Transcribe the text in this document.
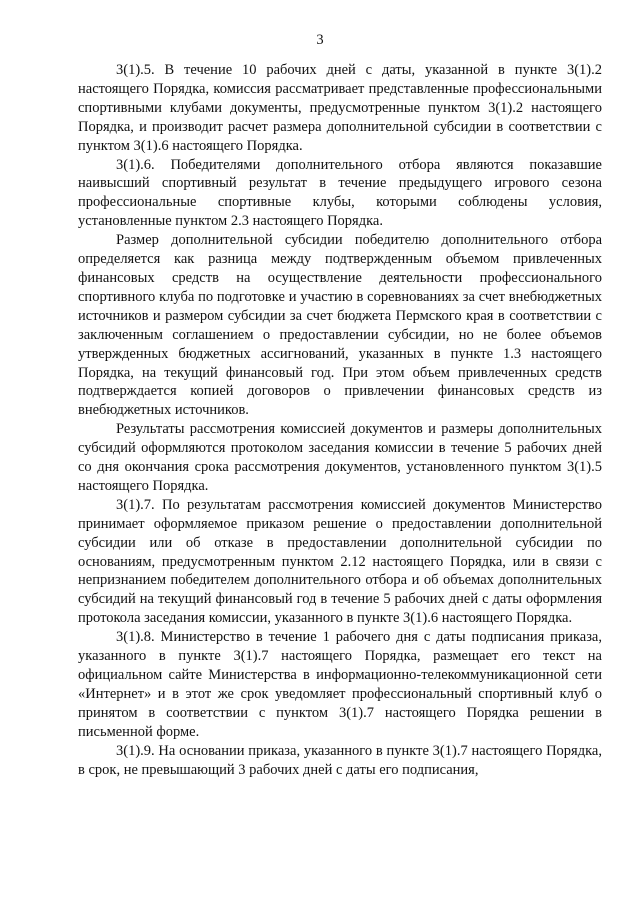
3

3(1).5. В течение 10 рабочих дней с даты, указанной в пункте 3(1).2 настоящего Порядка, комиссия рассматривает представленные профессиональными спортивными клубами документы, предусмотренные пунктом 3(1).2 настоящего Порядка, и производит расчет размера дополнительной субсидии в соответствии с пунктом 3(1).6 настоящего Порядка.

3(1).6. Победителями дополнительного отбора являются показавшие наивысший спортивный результат в течение предыдущего игрового сезона профессиональные спортивные клубы, которыми соблюдены условия, установленные пунктом 2.3 настоящего Порядка.

Размер дополнительной субсидии победителю дополнительного отбора определяется как разница между подтвержденным объемом привлеченных финансовых средств на осуществление деятельности профессионального спортивного клуба по подготовке и участию в соревнованиях за счет внебюджетных источников и размером субсидии за счет бюджета Пермского края в соответствии с заключенным соглашением о предоставлении субсидии, но не более объемов утвержденных бюджетных ассигнований, указанных в пункте 1.3 настоящего Порядка, на текущий финансовый год. При этом объем привлеченных средств подтверждается копией договоров о привлечении финансовых средств из внебюджетных источников.

Результаты рассмотрения комиссией документов и размеры дополнительных субсидий оформляются протоколом заседания комиссии в течение 5 рабочих дней со дня окончания срока рассмотрения документов, установленного пунктом 3(1).5 настоящего Порядка.

3(1).7. По результатам рассмотрения комиссией документов Министерство принимает оформляемое приказом решение о предоставлении дополнительной субсидии или об отказе в предоставлении дополнительной субсидии по основаниям, предусмотренным пунктом 2.12 настоящего Порядка, или в связи с непризнанием победителем дополнительного отбора и об объемах дополнительных субсидий на текущий финансовый год в течение 5 рабочих дней с даты оформления протокола заседания комиссии, указанного в пункте 3(1).6 настоящего Порядка.

3(1).8. Министерство в течение 1 рабочего дня с даты подписания приказа, указанного в пункте 3(1).7 настоящего Порядка, размещает его текст на официальном сайте Министерства в информационно-телекоммуникационной сети «Интернет» и в этот же срок уведомляет профессиональный спортивный клуб о принятом в соответствии с пунктом 3(1).7 настоящего Порядка решении в письменной форме.

3(1).9. На основании приказа, указанного в пункте 3(1).7 настоящего Порядка, в срок, не превышающий 3 рабочих дней с даты его подписания,
